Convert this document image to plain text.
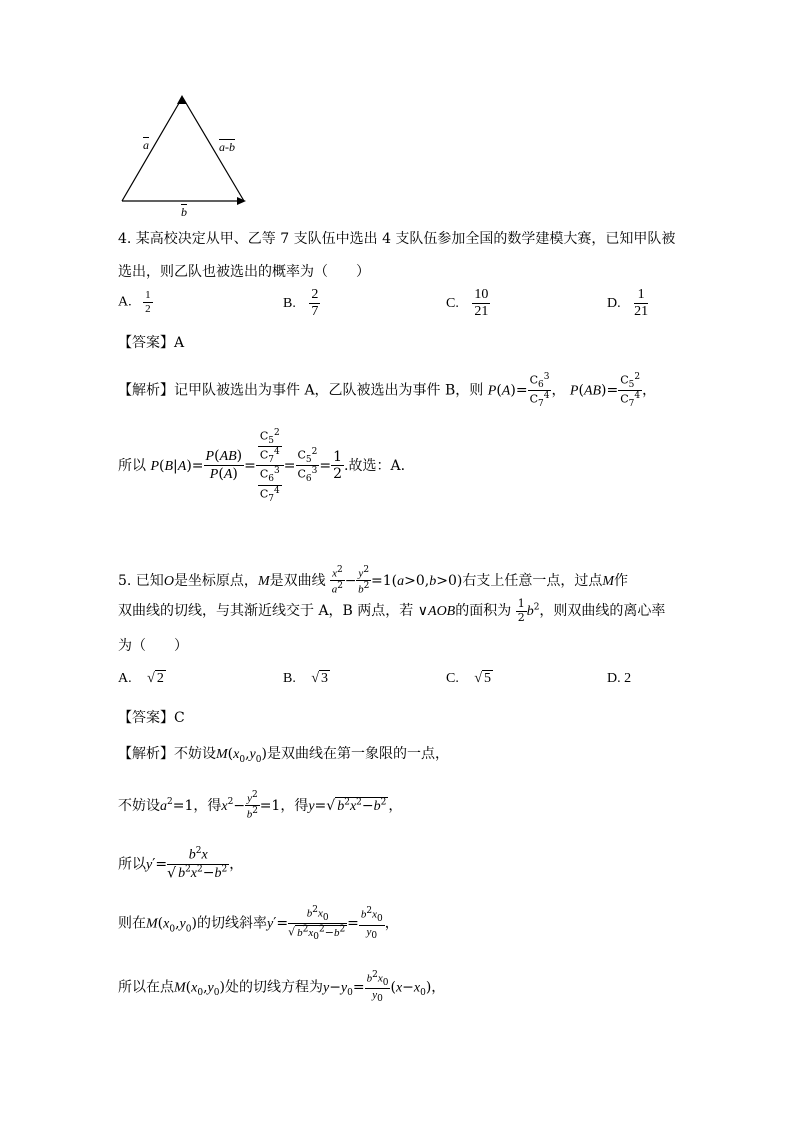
$\overline{a}$	a-b
$\overline{b}$
4. 某高校决定从甲、乙等 7 支队伍中选出 4 支队伍参加全国的数学建模大赛，已知甲队被
选出，则乙队也被选出的概率为（　　）
A. $\frac{1}{2}$	B. $\frac{2}{7}$	C. $\frac{10}{21}$	D. $\frac{1}{21}$
【答案】A
【解析】记甲队被选出为事件 A，乙队被选出为事件 B，则 $P(A)= \frac{C_6^3}{C_7^4}$ ， $P(AB)= \frac{C_5^2}{C_7^4}$ ，
所以 $P(B|A)= \frac{P(AB)}{P(A)} = \frac{\frac{C_5^2}{C_7^4}}{\frac{C_6^3}{C_7^4}} = \frac{C_5^2}{C_6^3} = \frac{1}{2}$ .故选：A.
5. 已知O是坐标原点，M是双曲线 $\frac{x^2}{a^2} - \frac{y^2}{b^2} =1(a>0,b>0)$右支上任意一点，过点M作
双曲线的切线，与其渐近线交于 A，B 两点，若 ∨AOB的面积为 $\frac{1}{2} b^2$，则双曲线的离心率
为（　　）
A. √ 2	B. √ 3	C. √ 5	D. 2
【答案】C
【解析】不妨设$M(x_0,y_0)$是双曲线在第一象限的一点，
不妨设$a^2=1$，得$x^2- \frac{y^2}{b^2} =1$，得y=√ $b^2x^2-b^2$ ，
所以$y'= \frac{b^2x}{√ b^2x^2-b^2}$ ，
则在$M(x_0,y_0)$的切线斜率$y'= \frac{b^2x_0}{√ b^2x_0^2-b^2} = \frac{b^2x_0}{y_0}$ ，
所以在点$M(x_0,y_0)$处的切线方程为$y-y_0= \frac{b^2x_0}{y_0} (x-x_0)$，
